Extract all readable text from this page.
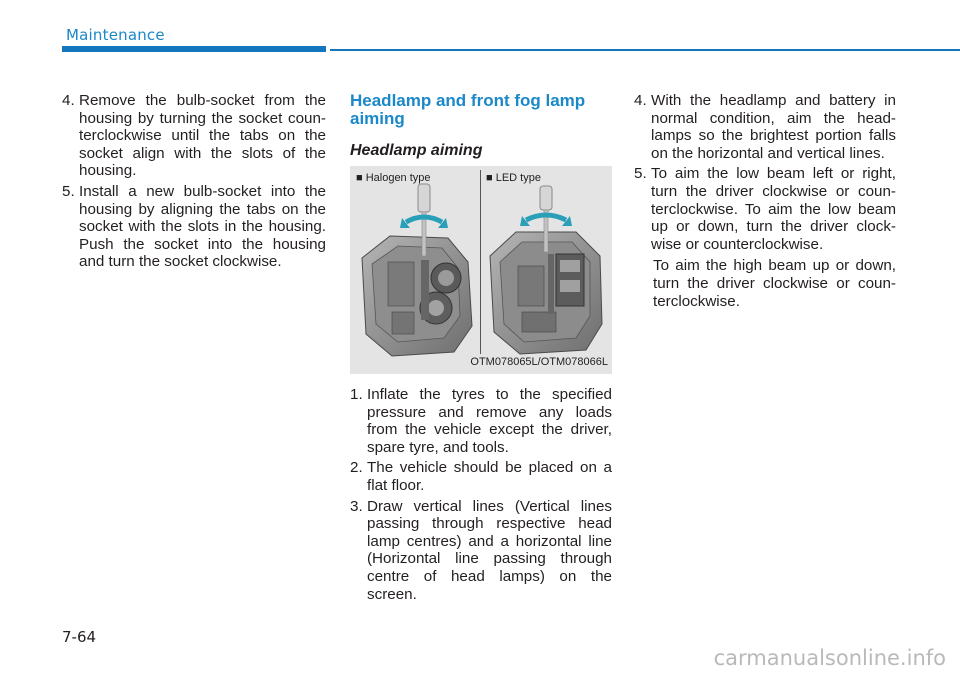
Maintenance
4. Remove the bulb-socket from the housing by turning the socket coun-terclockwise until the tabs on the socket align with the slots of the housing.
5. Install a new bulb-socket into the housing by aligning the tabs on the socket with the slots in the housing. Push the socket into the housing and turn the socket clockwise.
Headlamp and front fog lamp aiming
Headlamp aiming
■ Halogen type	■ LED type
OTM078065L/OTM078066L
1. Inflate the tyres to the specified pressure and remove any loads from the vehicle except the driver, spare tyre, and tools.
2. The vehicle should be placed on a flat floor.
3. Draw vertical lines (Vertical lines passing through respective head lamp centres) and a horizontal line (Horizontal line passing through centre of head lamps) on the screen.
4. With the headlamp and battery in normal condition, aim the head-lamps so the brightest portion falls on the horizontal and vertical lines.
5. To aim the low beam left or right, turn the driver clockwise or coun-terclockwise. To aim the low beam up or down, turn the driver clock-wise or counterclockwise.
To aim the high beam up or down, turn the driver clockwise or coun-terclockwise.
7-64
carmanualsonline.info
